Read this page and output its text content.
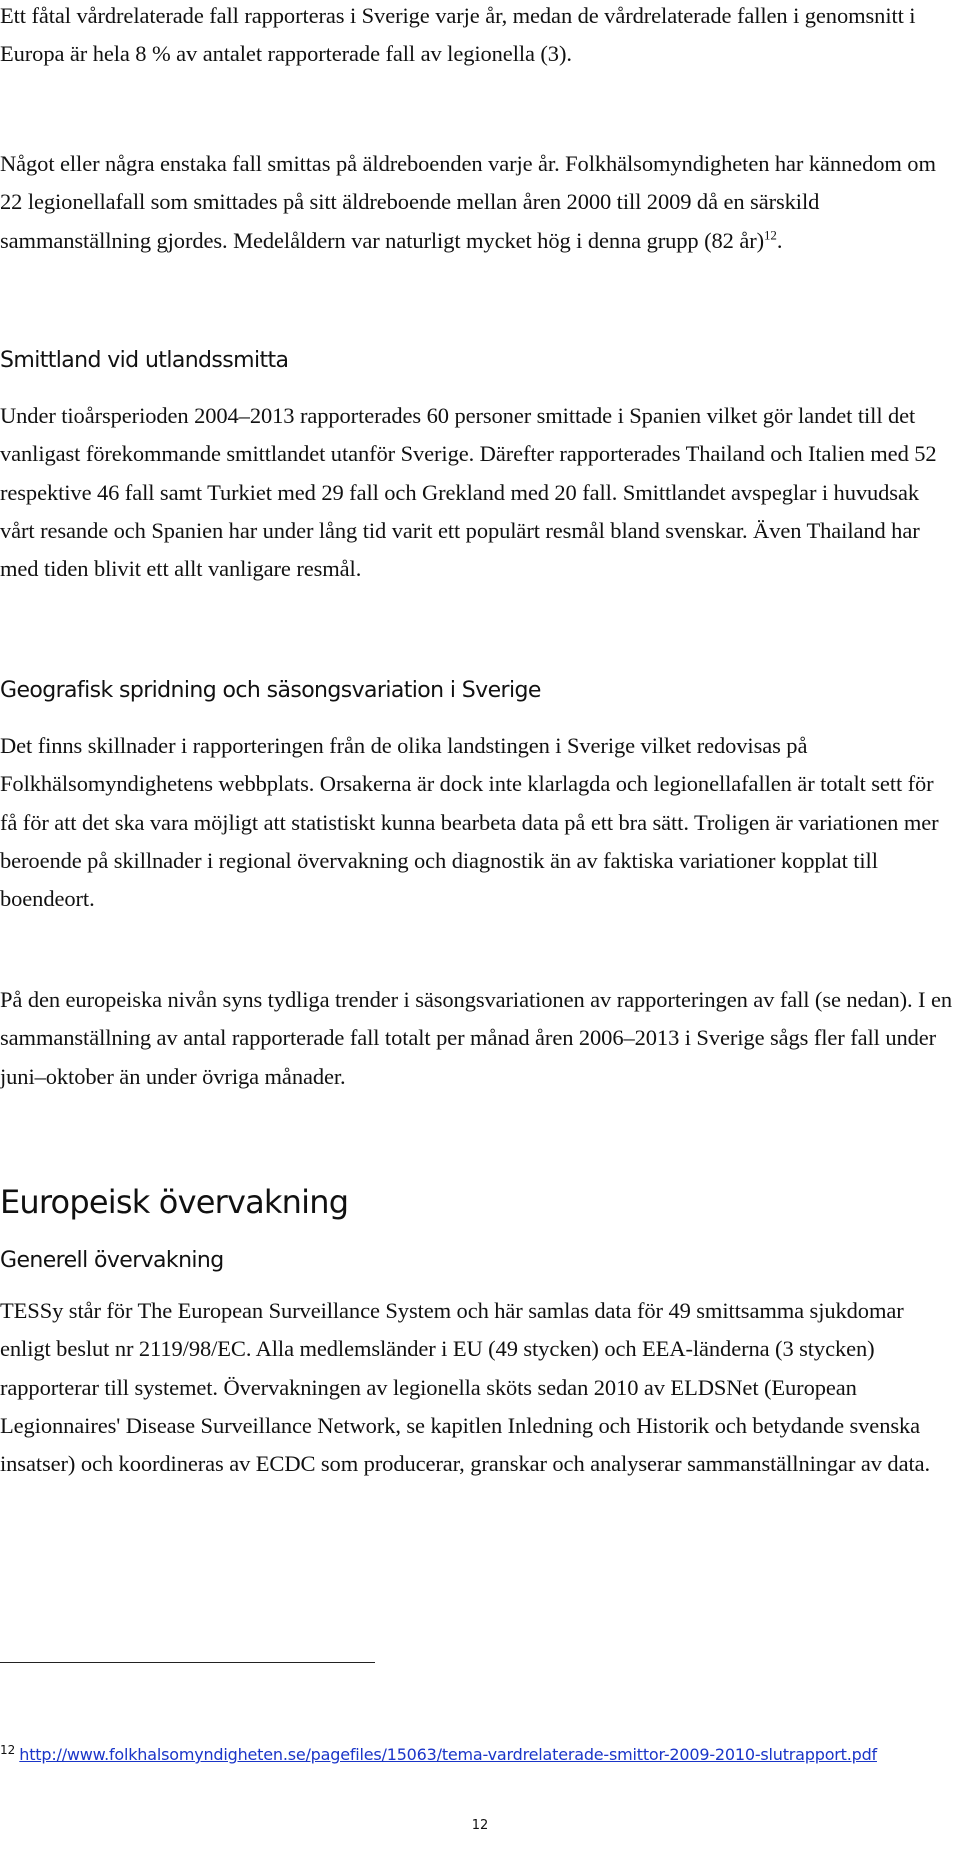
Ett fåtal vårdrelaterade fall rapporteras i Sverige varje år, medan de vårdrelaterade fallen i genomsnitt i Europa är hela 8 % av antalet rapporterade fall av legionella (3).

Något eller några enstaka fall smittas på äldreboenden varje år. Folkhälsomyndigheten har kännedom om 22 legionellafall som smittades på sitt äldreboende mellan åren 2000 till 2009 då en särskild sammanställning gjordes. Medelåldern var naturligt mycket hög i denna grupp (82 år)$^{12}$.

Smittland vid utlandssmitta

Under tioårsperioden 2004–2013 rapporterades 60 personer smittade i Spanien vilket gör landet till det vanligast förekommande smittlandet utanför Sverige. Därefter rapporterades Thailand och Italien med 52 respektive 46 fall samt Turkiet med 29 fall och Grekland med 20 fall. Smittlandet avspeglar i huvudsak vårt resande och Spanien har under lång tid varit ett populärt resmål bland svenskar. Även Thailand har med tiden blivit ett allt vanligare resmål.

Geografisk spridning och säsongsvariation i Sverige

Det finns skillnader i rapporteringen från de olika landstingen i Sverige vilket redovisas på Folkhälsomyndighetens webbplats. Orsakerna är dock inte klarlagda och legionellafallen är totalt sett för få för att det ska vara möjligt att statistiskt kunna bearbeta data på ett bra sätt. Troligen är variationen mer beroende på skillnader i regional övervakning och diagnostik än av faktiska variationer kopplat till boendeort.

På den europeiska nivån syns tydliga trender i säsongsvariationen av rapporteringen av fall (se nedan). I en sammanställning av antal rapporterade fall totalt per månad åren 2006–2013 i Sverige sågs fler fall under juni–oktober än under övriga månader.

Europeisk övervakning
Generell övervakning

TESSy står för The European Surveillance System och här samlas data för 49 smittsamma sjukdomar enligt beslut nr 2119/98/EC. Alla medlemsländer i EU (49 stycken) och EEA-länderna (3 stycken) rapporterar till systemet. Övervakningen av legionella sköts sedan 2010 av ELDSNet (European Legionnaires' Disease Surveillance Network, se kapitlen Inledning och Historik och betydande svenska insatser) och koordineras av ECDC som producerar, granskar och analyserar sammanställningar av data.

$^{12}$ http://www.folkhalsomyndigheten.se/pagefiles/15063/tema-vardrelaterade-smittor-2009-2010-slutrapport.pdf
12
